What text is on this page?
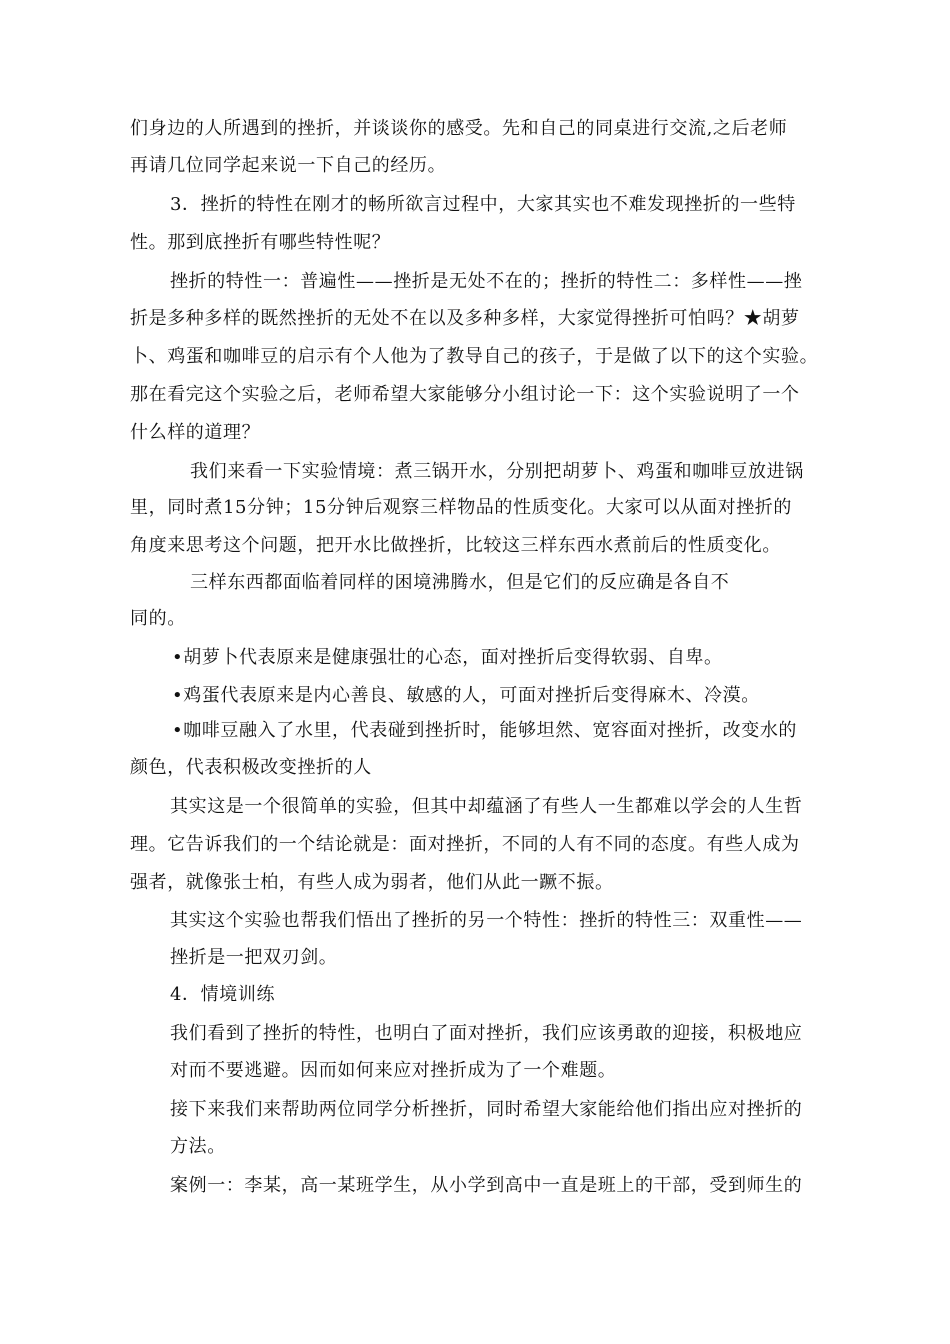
们身边的人所遇到的挫折，并谈谈你的感受。先和自己的同桌进行交流,之后老师
再请几位同学起来说一下自己的经历。
3．挫折的特性在刚才的畅所欲言过程中，大家其实也不难发现挫折的一些特
性。那到底挫折有哪些特性呢？
挫折的特性一：普遍性——挫折是无处不在的；挫折的特性二：多样性——挫
折是多种多样的既然挫折的无处不在以及多种多样，大家觉得挫折可怕吗？★胡萝
卜、鸡蛋和咖啡豆的启示有个人他为了教导自己的孩子，于是做了以下的这个实验。
那在看完这个实验之后，老师希望大家能够分小组讨论一下：这个实验说明了一个
什么样的道理？
我们来看一下实验情境：煮三锅开水，分别把胡萝卜、鸡蛋和咖啡豆放进锅
里，同时煮15分钟；15分钟后观察三样物品的性质变化。大家可以从面对挫折的
角度来思考这个问题，把开水比做挫折，比较这三样东西水煮前后的性质变化。
三样东西都面临着同样的困境沸腾水，但是它们的反应确是各自不
同的。
•胡萝卜代表原来是健康强壮的心态，面对挫折后变得软弱、自卑。
•鸡蛋代表原来是内心善良、敏感的人，可面对挫折后变得麻木、冷漠。
•咖啡豆融入了水里，代表碰到挫折时，能够坦然、宽容面对挫折，改变水的
颜色，代表积极改变挫折的人
其实这是一个很简单的实验，但其中却蕴涵了有些人一生都难以学会的人生哲
理。它告诉我们的一个结论就是：面对挫折，不同的人有不同的态度。有些人成为
强者，就像张士柏，有些人成为弱者，他们从此一蹶不振。
其实这个实验也帮我们悟出了挫折的另一个特性：挫折的特性三：双重性——
挫折是一把双刃剑。
4．情境训练
我们看到了挫折的特性，也明白了面对挫折，我们应该勇敢的迎接，积极地应
对而不要逃避。因而如何来应对挫折成为了一个难题。
接下来我们来帮助两位同学分析挫折，同时希望大家能给他们指出应对挫折的
方法。
案例一：李某，高一某班学生，从小学到高中一直是班上的干部，受到师生的
